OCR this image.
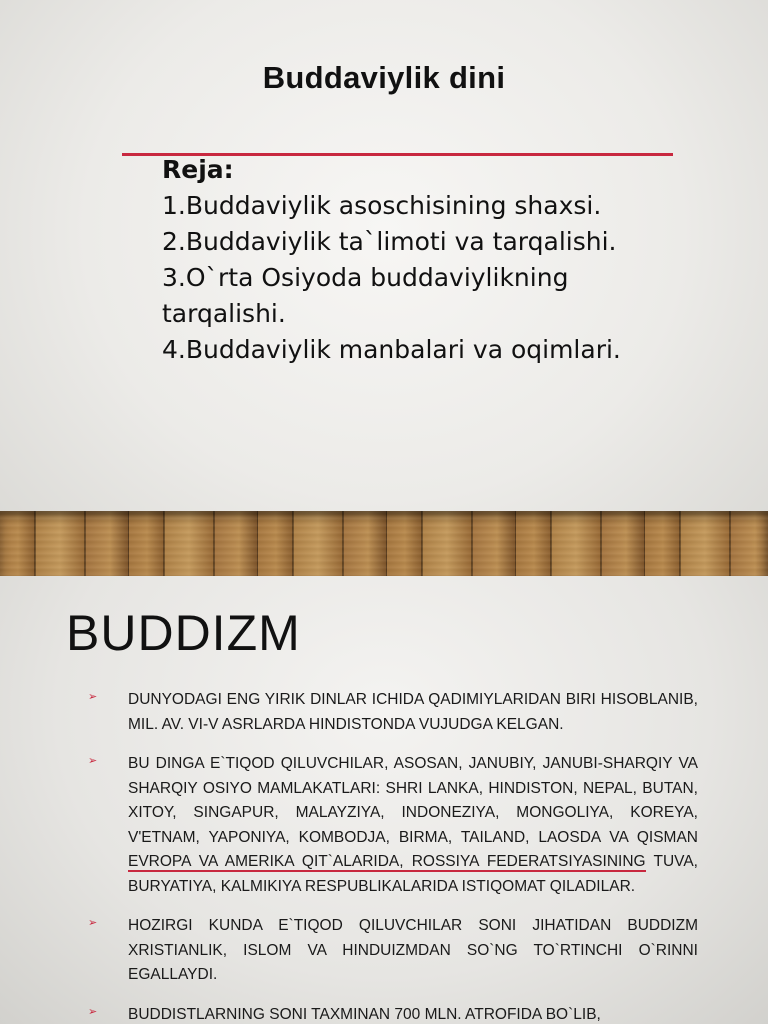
Buddaviylik dini
Reja:
1.Buddaviylik asoschisining shaxsi.
2.Buddaviylik ta`limoti va tarqalishi.
3.O`rta Osiyoda buddaviylikning tarqalishi.
4.Buddaviylik manbalari va oqimlari.
BUDDIZM
➢	DUNYODAGI ENG YIRIK DINLAR ICHIDA QADIMIYLARIDAN BIRI HISOBLANIB, MIL. AV. VI-V ASRLARDA HINDISTONDA VUJUDGA KELGAN.
➢	BU DINGA E`TIQOD QILUVCHILAR, ASOSAN, JANUBIY, JANUBI-SHARQIY VA SHARQIY OSIYO MAMLAKATLARI: SHRI LANKA, HINDISTON, NEPAL, BUTAN, XITOY, SINGAPUR, MALAYZIYA, INDONEZIYA, MONGOLIYA, KOREYA, V'ETNAM, YAPONIYA, KOMBODJA, BIRMA, TAILAND, LAOSDA VA QISMAN EVROPA VA AMERIKA QIT`ALARIDA, ROSSIYA FEDERATSIYASINING TUVA, BURYATIYA, KALMIKIYA RESPUBLIKALARIDA ISTIQOMAT QILADILAR.
➢	HOZIRGI KUNDA E`TIQOD QILUVCHILAR SONI JIHATIDAN BUDDIZM XRISTIANLIK, ISLOM VA HINDUIZMDAN SO`NG TO`RTINCHI O`RINNI EGALLAYDI.
➢	BUDDISTLARNING SONI TAXMINAN 700 MLN. ATROFIDA BO`LIB,
